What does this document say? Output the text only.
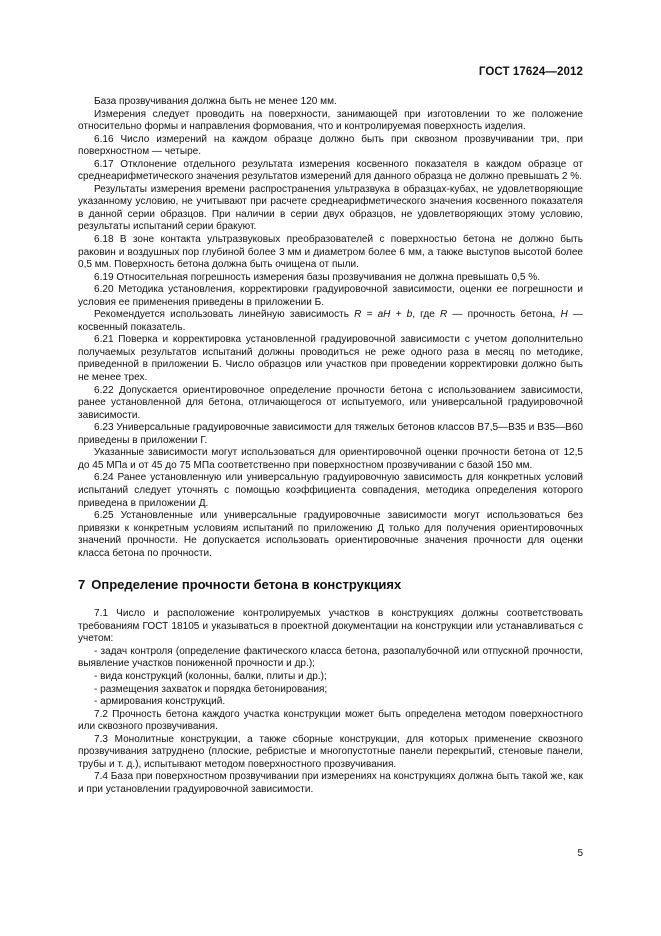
ГОСТ 17624—2012

База прозвучивания должна быть не менее 120 мм.

Измерения следует проводить на поверхности, занимающей при изготовлении то же положение относительно формы и направления формования, что и контролируемая поверхность изделия.

6.16 Число измерений на каждом образце должно быть при сквозном прозвучивании три, при поверхностном — четыре.

6.17 Отклонение отдельного результата измерения косвенного показателя в каждом образце от среднеарифметического значения результатов измерений для данного образца не должно превышать 2 %.

Результаты измерения времени распространения ультразвука в образцах-кубах, не удовлетворяющие указанному условию, не учитывают при расчете среднеарифметического значения косвенного показателя в данной серии образцов. При наличии в серии двух образцов, не удовлетворяющих этому условию, результаты испытаний серии бракуют.

6.18 В зоне контакта ультразвуковых преобразователей с поверхностью бетона не должно быть раковин и воздушных пор глубиной более 3 мм и диаметром более 6 мм, а также выступов высотой более 0,5 мм. Поверхность бетона должна быть очищена от пыли.

6.19 Относительная погрешность измерения базы прозвучивания не должна превышать 0,5 %.

6.20 Методика установления, корректировки градуировочной зависимости, оценки ее погрешности и условия ее применения приведены в приложении Б.

Рекомендуется использовать линейную зависимость R = aH + b, где R — прочность бетона, H — косвенный показатель.

6.21 Поверка и корректировка установленной градуировочной зависимости с учетом дополнительно получаемых результатов испытаний должны проводиться не реже одного раза в месяц по методике, приведенной в приложении Б. Число образцов или участков при проведении корректировки должно быть не менее трех.

6.22 Допускается ориентировочное определение прочности бетона с использованием зависимости, ранее установленной для бетона, отличающегося от испытуемого, или универсальной градуировочной зависимости.

6.23 Универсальные градуировочные зависимости для тяжелых бетонов классов В7,5—В35 и В35—В60 приведены в приложении Г.

Указанные зависимости могут использоваться для ориентировочной оценки прочности бетона от 12,5 до 45 МПа и от 45 до 75 МПа соответственно при поверхностном прозвучивании с базой 150 мм.

6.24 Ранее установленную или универсальную градуировочную зависимость для конкретных условий испытаний следует уточнять с помощью коэффициента совпадения, методика определения которого приведена в приложении Д.

6.25 Установленные или универсальные градуировочные зависимости могут использоваться без привязки к конкретным условиям испытаний по приложению Д только для получения ориентировочных значений прочности. Не допускается использовать ориентировочные значения прочности для оценки класса бетона по прочности.

7 Определение прочности бетона в конструкциях

7.1 Число и расположение контролируемых участков в конструкциях должны соответствовать требованиям ГОСТ 18105 и указываться в проектной документации на конструкции или устанавливаться с учетом:

- задач контроля (определение фактического класса бетона, разопалубочной или отпускной прочности, выявление участков пониженной прочности и др.);

- вида конструкций (колонны, балки, плиты и др.);

- размещения захваток и порядка бетонирования;

- армирования конструкций.

7.2 Прочность бетона каждого участка конструкции может быть определена методом поверхностного или сквозного прозвучивания.

7.3 Монолитные конструкции, а также сборные конструкции, для которых применение сквозного прозвучивания затруднено (плоские, ребристые и многопустотные панели перекрытий, стеновые панели, трубы и т. д.), испытывают методом поверхностного прозвучивания.

7.4 База при поверхностном прозвучивании при измерениях на конструкциях должна быть такой же, как и при установлении градуировочной зависимости.

5
